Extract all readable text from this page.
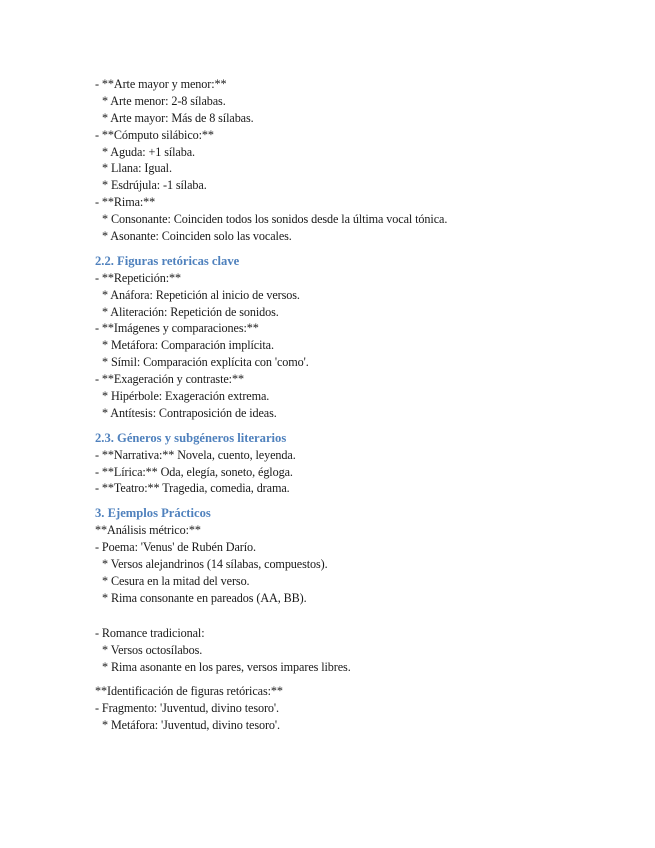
- **Arte mayor y menor:**
* Arte menor: 2-8 sílabas.
* Arte mayor: Más de 8 sílabas.
- **Cómputo silábico:**
* Aguda: +1 sílaba.
* Llana: Igual.
* Esdrújula: -1 sílaba.
- **Rima:**
* Consonante: Coinciden todos los sonidos desde la última vocal tónica.
* Asonante: Coinciden solo las vocales.
2.2. Figuras retóricas clave
- **Repetición:**
* Anáfora: Repetición al inicio de versos.
* Aliteración: Repetición de sonidos.
- **Imágenes y comparaciones:**
* Metáfora: Comparación implícita.
* Símil: Comparación explícita con 'como'.
- **Exageración y contraste:**
* Hipérbole: Exageración extrema.
* Antítesis: Contraposición de ideas.
2.3. Géneros y subgéneros literarios
- **Narrativa:** Novela, cuento, leyenda.
- **Lírica:** Oda, elegía, soneto, égloga.
- **Teatro:** Tragedia, comedia, drama.
3. Ejemplos Prácticos
**Análisis métrico:**
- Poema: 'Venus' de Rubén Darío.
* Versos alejandrinos (14 sílabas, compuestos).
* Cesura en la mitad del verso.
* Rima consonante en pareados (AA, BB).
- Romance tradicional:
* Versos octosílabos.
* Rima asonante en los pares, versos impares libres.
**Identificación de figuras retóricas:**
- Fragmento: 'Juventud, divino tesoro'.
* Metáfora: 'Juventud, divino tesoro'.
